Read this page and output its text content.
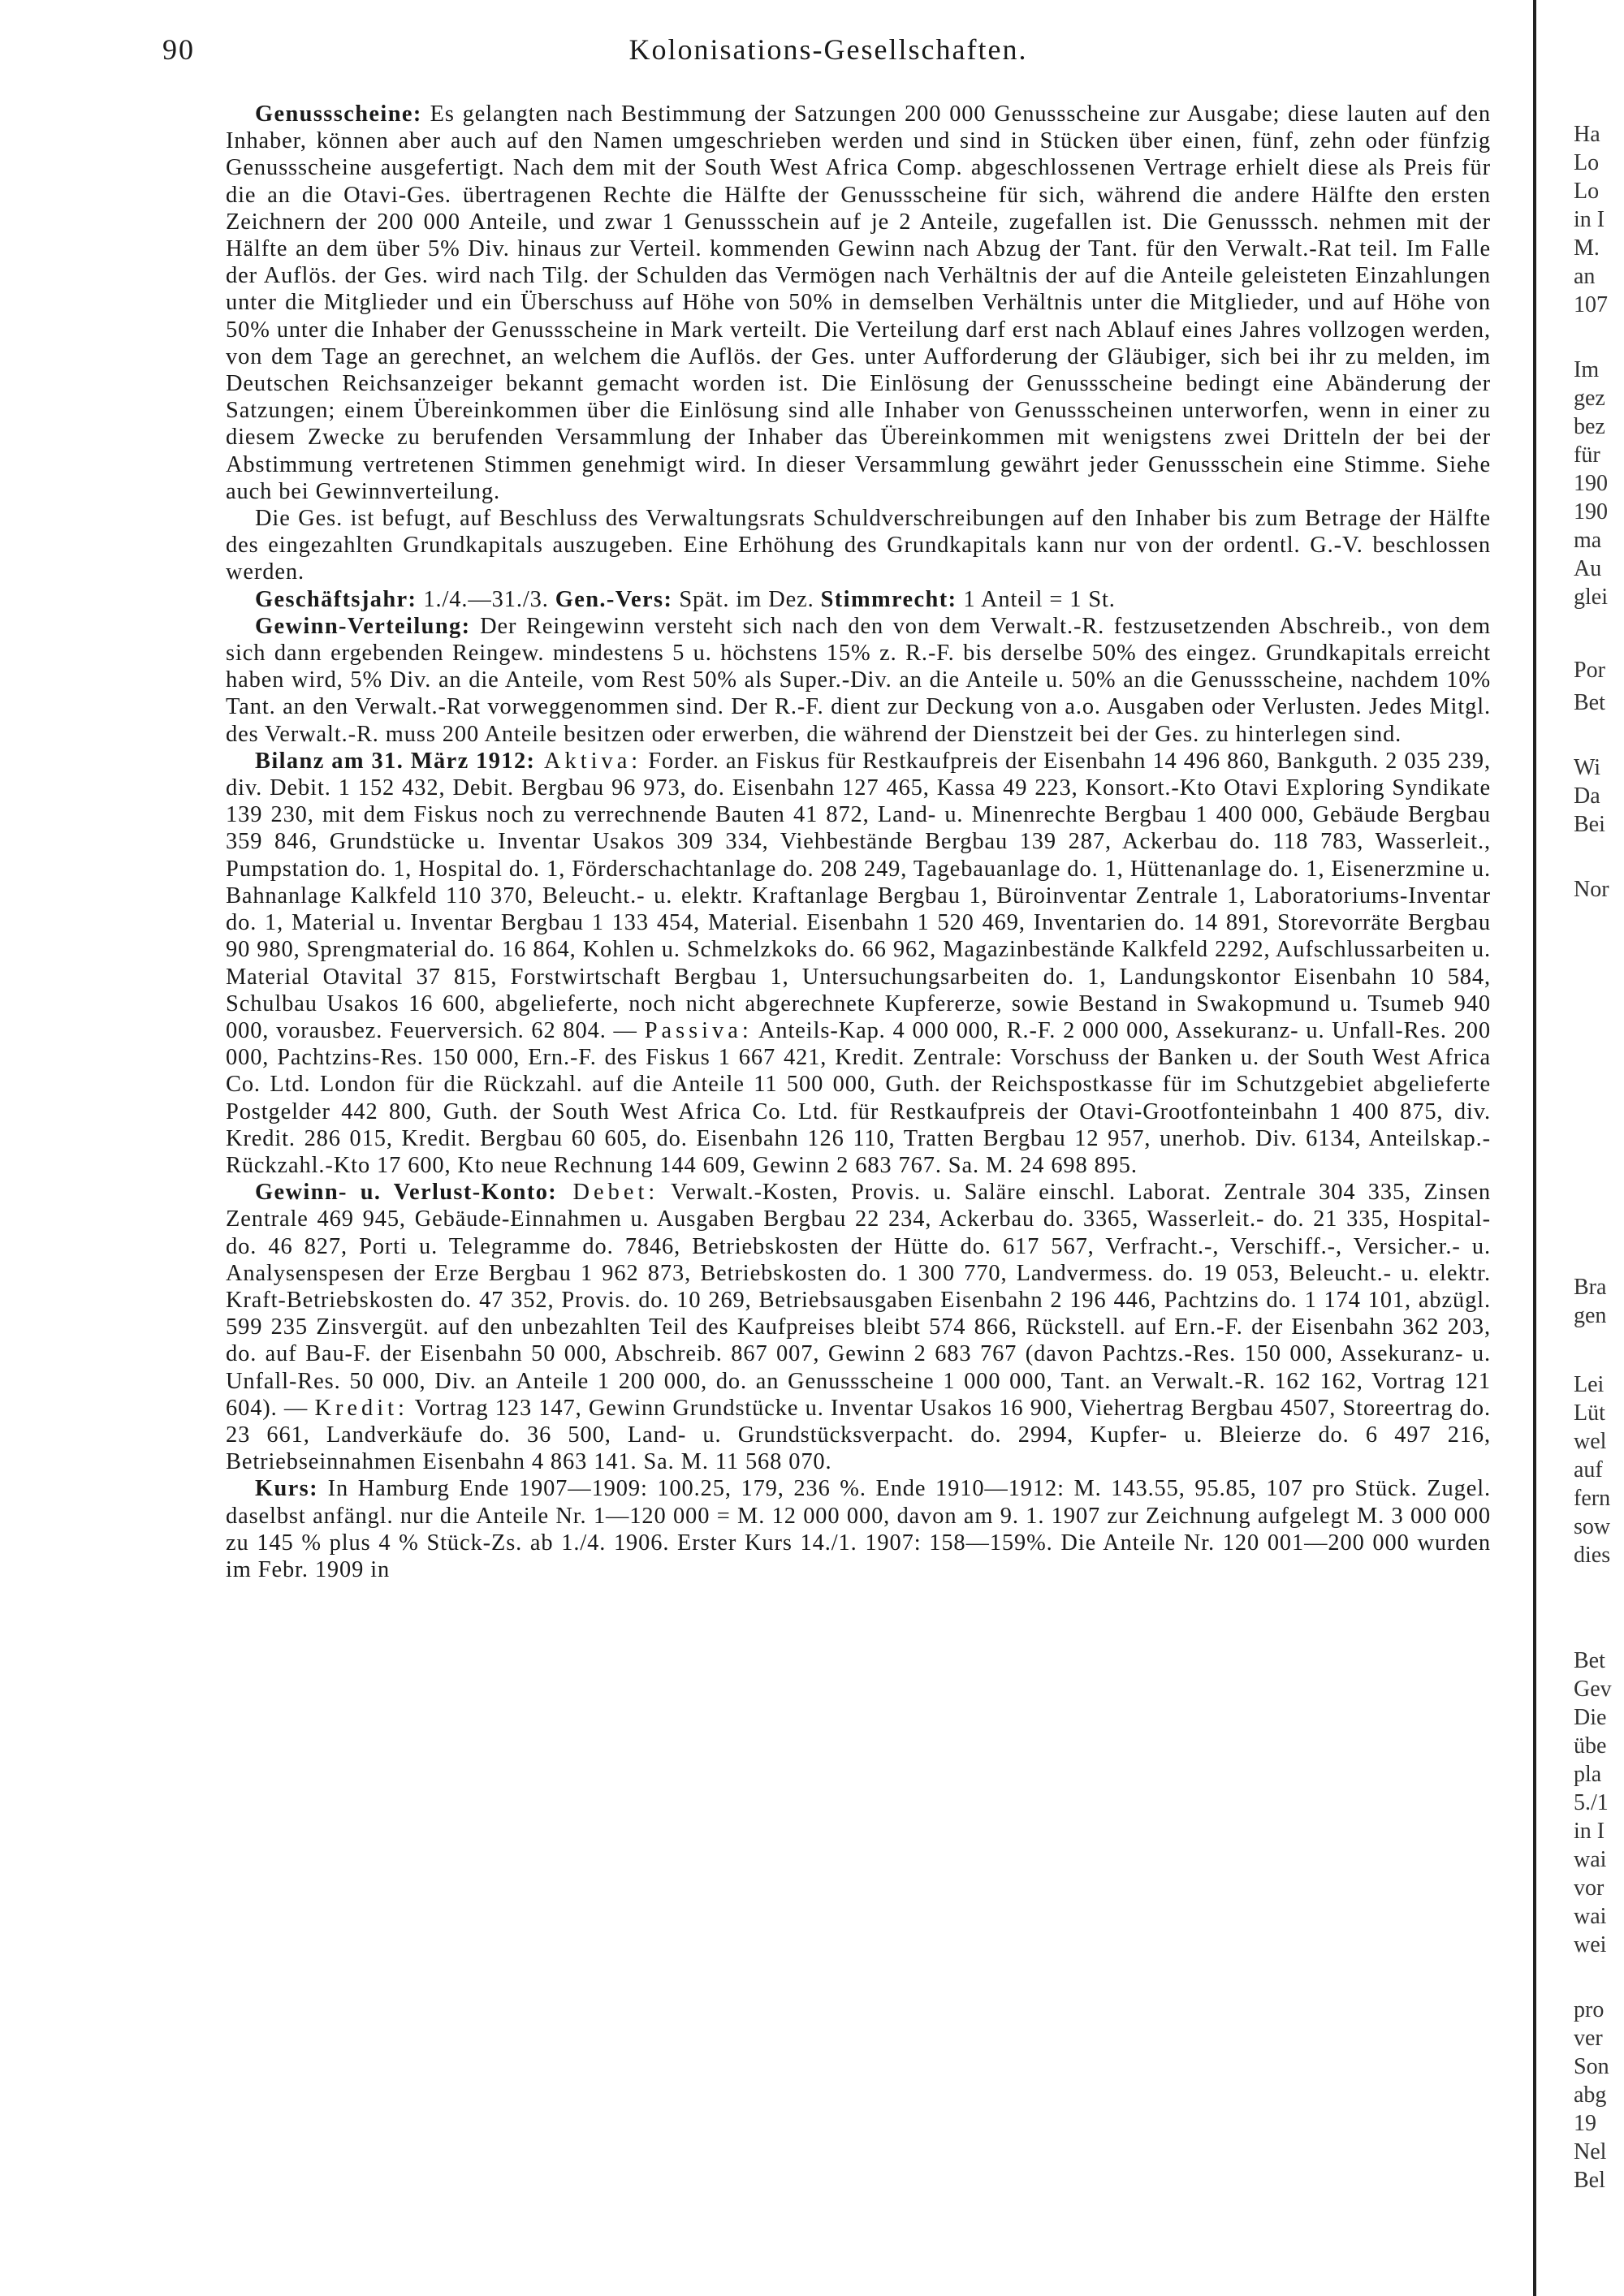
90	Kolonisations-Gesellschaften.

Genussscheine: Es gelangten nach Bestimmung der Satzungen 200 000 Genussscheine zur Ausgabe; diese lauten auf den Inhaber, können aber auch auf den Namen umgeschrieben werden und sind in Stücken über einen, fünf, zehn oder fünfzig Genussscheine ausgefertigt. Nach dem mit der South West Africa Comp. abgeschlossenen Vertrage erhielt diese als Preis für die an die Otavi-Ges. übertragenen Rechte die Hälfte der Genussscheine für sich, während die andere Hälfte den ersten Zeichnern der 200 000 Anteile, und zwar 1 Genussschein auf je 2 Anteile, zugefallen ist. Die Genusssch. nehmen mit der Hälfte an dem über 5% Div. hinaus zur Verteil. kommenden Gewinn nach Abzug der Tant. für den Verwalt.-Rat teil. Im Falle der Auflös. der Ges. wird nach Tilg. der Schulden das Vermögen nach Verhältnis der auf die Anteile geleisteten Einzahlungen unter die Mitglieder und ein Überschuss auf Höhe von 50% in demselben Verhältnis unter die Mitglieder, und auf Höhe von 50% unter die Inhaber der Genussscheine in Mark verteilt. Die Verteilung darf erst nach Ablauf eines Jahres vollzogen werden, von dem Tage an gerechnet, an welchem die Auflös. der Ges. unter Aufforderung der Gläubiger, sich bei ihr zu melden, im Deutschen Reichsanzeiger bekannt gemacht worden ist. Die Einlösung der Genussscheine bedingt eine Abänderung der Satzungen; einem Übereinkommen über die Einlösung sind alle Inhaber von Genussscheinen unterworfen, wenn in einer zu diesem Zwecke zu berufenden Versammlung der Inhaber das Übereinkommen mit wenigstens zwei Dritteln der bei der Abstimmung vertretenen Stimmen genehmigt wird. In dieser Versammlung gewährt jeder Genussschein eine Stimme. Siehe auch bei Gewinnverteilung.

Die Ges. ist befugt, auf Beschluss des Verwaltungsrats Schuldverschreibungen auf den Inhaber bis zum Betrage der Hälfte des eingezahlten Grundkapitals auszugeben. Eine Erhöhung des Grundkapitals kann nur von der ordentl. G.-V. beschlossen werden.

Geschäftsjahr: 1./4.—31./3. Gen.-Vers: Spät. im Dez. Stimmrecht: 1 Anteil = 1 St.

Gewinn-Verteilung: Der Reingewinn versteht sich nach den von dem Verwalt.-R. festzusetzenden Abschreib., von dem sich dann ergebenden Reingew. mindestens 5 u. höchstens 15% z. R.-F. bis derselbe 50% des eingez. Grundkapitals erreicht haben wird, 5% Div. an die Anteile, vom Rest 50% als Super.-Div. an die Anteile u. 50% an die Genussscheine, nachdem 10% Tant. an den Verwalt.-Rat vorweggenommen sind. Der R.-F. dient zur Deckung von a.o. Ausgaben oder Verlusten. Jedes Mitgl. des Verwalt.-R. muss 200 Anteile besitzen oder erwerben, die während der Dienstzeit bei der Ges. zu hinterlegen sind.

Bilanz am 31. März 1912: Aktiva: Forder. an Fiskus für Restkaufpreis der Eisenbahn 14 496 860, Bankguth. 2 035 239, div. Debit. 1 152 432, Debit. Bergbau 96 973, do. Eisenbahn 127 465, Kassa 49 223, Konsort.-Kto Otavi Exploring Syndikate 139 230, mit dem Fiskus noch zu verrechnende Bauten 41 872, Land- u. Minenrechte Bergbau 1 400 000, Gebäude Bergbau 359 846, Grundstücke u. Inventar Usakos 309 334, Viehbestände Bergbau 139 287, Ackerbau do. 118 783, Wasserleit., Pumpstation do. 1, Hospital do. 1, Förderschachtanlage do. 208 249, Tagebauanlage do. 1, Hüttenanlage do. 1, Eisenerzmine u. Bahnanlage Kalkfeld 110 370, Beleucht.- u. elektr. Kraftanlage Bergbau 1, Büroinventar Zentrale 1, Laboratoriums-Inventar do. 1, Material u. Inventar Bergbau 1 133 454, Material. Eisenbahn 1 520 469, Inventarien do. 14 891, Storevorräte Bergbau 90 980, Sprengmaterial do. 16 864, Kohlen u. Schmelzkoks do. 66 962, Magazinbestände Kalkfeld 2292, Aufschlussarbeiten u. Material Otavital 37 815, Forstwirtschaft Bergbau 1, Untersuchungsarbeiten do. 1, Landungskontor Eisenbahn 10 584, Schulbau Usakos 16 600, abgelieferte, noch nicht abgerechnete Kupfererze, sowie Bestand in Swakopmund u. Tsumeb 940 000, vorausbez. Feuerversich. 62 804. — Passiva: Anteils-Kap. 4 000 000, R.-F. 2 000 000, Assekuranz- u. Unfall-Res. 200 000, Pachtzins-Res. 150 000, Ern.-F. des Fiskus 1 667 421, Kredit. Zentrale: Vorschuss der Banken u. der South West Africa Co. Ltd. London für die Rückzahl. auf die Anteile 11 500 000, Guth. der Reichspostkasse für im Schutzgebiet abgelieferte Postgelder 442 800, Guth. der South West Africa Co. Ltd. für Restkaufpreis der Otavi-Grootfonteinbahn 1 400 875, div. Kredit. 286 015, Kredit. Bergbau 60 605, do. Eisenbahn 126 110, Tratten Bergbau 12 957, unerhob. Div. 6134, Anteilskap.-Rückzahl.-Kto 17 600, Kto neue Rechnung 144 609, Gewinn 2 683 767. Sa. M. 24 698 895.

Gewinn- u. Verlust-Konto: Debet: Verwalt.-Kosten, Provis. u. Saläre einschl. Laborat. Zentrale 304 335, Zinsen Zentrale 469 945, Gebäude-Einnahmen u. Ausgaben Bergbau 22 234, Ackerbau do. 3365, Wasserleit.- do. 21 335, Hospital- do. 46 827, Porti u. Telegramme do. 7846, Betriebskosten der Hütte do. 617 567, Verfracht.-, Verschiff.-, Versicher.- u. Analysenspesen der Erze Bergbau 1 962 873, Betriebskosten do. 1 300 770, Landvermess. do. 19 053, Beleucht.- u. elektr. Kraft-Betriebskosten do. 47 352, Provis. do. 10 269, Betriebsausgaben Eisenbahn 2 196 446, Pachtzins do. 1 174 101, abzügl. 599 235 Zinsvergüt. auf den unbezahlten Teil des Kaufpreises bleibt 574 866, Rückstell. auf Ern.-F. der Eisenbahn 362 203, do. auf Bau-F. der Eisenbahn 50 000, Abschreib. 867 007, Gewinn 2 683 767 (davon Pachtzs.-Res. 150 000, Assekuranz- u. Unfall-Res. 50 000, Div. an Anteile 1 200 000, do. an Genussscheine 1 000 000, Tant. an Verwalt.-R. 162 162, Vortrag 121 604). — Kredit: Vortrag 123 147, Gewinn Grundstücke u. Inventar Usakos 16 900, Viehertrag Bergbau 4507, Storeertrag do. 23 661, Landverkäufe do. 36 500, Land- u. Grundstücksverpacht. do. 2994, Kupfer- u. Bleierze do. 6 497 216, Betriebseinnahmen Eisenbahn 4 863 141. Sa. M. 11 568 070.

Kurs: In Hamburg Ende 1907—1909: 100.25, 179, 236 %. Ende 1910—1912: M. 143.55, 95.85, 107 pro Stück. Zugel. daselbst anfängl. nur die Anteile Nr. 1—120 000 = M. 12 000 000, davon am 9. 1. 1907 zur Zeichnung aufgelegt M. 3 000 000 zu 145 % plus 4 % Stück-Zs. ab 1./4. 1906. Erster Kurs 14./1. 1907: 158—159%. Die Anteile Nr. 120 001—200 000 wurden im Febr. 1909 in

Ha
Lo
Lo
in I
M.
an
107
Im
gez
bez
für
190
190
ma
Au
glei
Por
Bet
Wi
Da
Bei
Nor
Bra
gen
Lei
Lüt
wel
auf
fern
sow
dies
Bet
Gev
Die
übe
pla
5./1
in I
wai
vor
wai
wei
pro
ver
Son
abg
19
Nel
Bel
